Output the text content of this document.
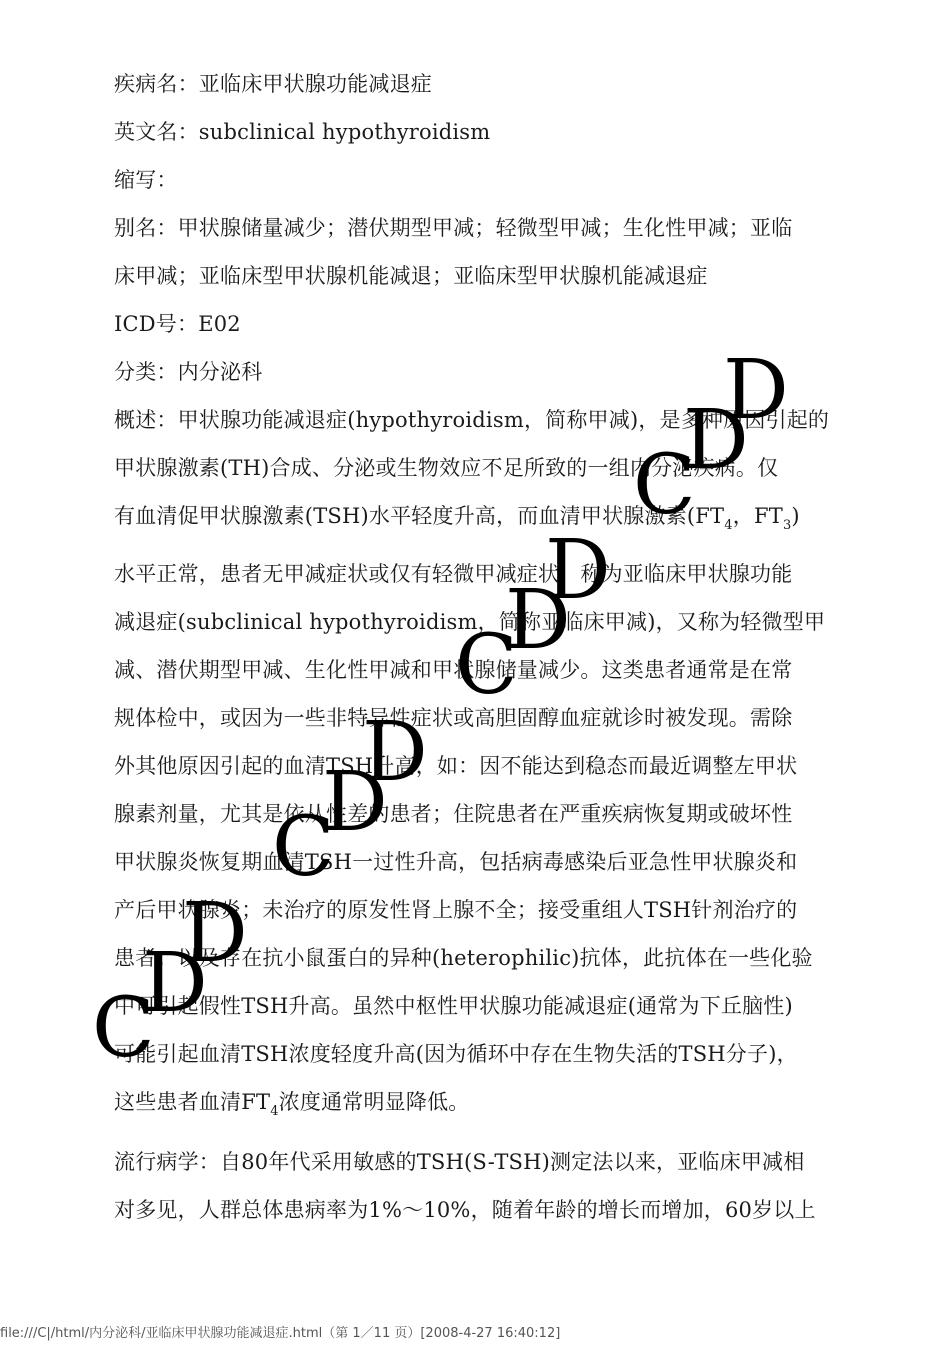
疾病名：亚临床甲状腺功能减退症
英文名：subclinical hypothyroidism
缩写：
别名：甲状腺储量减少；潜伏期型甲减；轻微型甲减；生化性甲减；亚临
床甲减；亚临床型甲状腺机能减退；亚临床型甲状腺机能减退症
ICD号：E02
分类：内分泌科
概述：甲状腺功能减退症(hypothyroidism，简称甲减)，是多种原因引起的
甲状腺激素(TH)合成、分泌或生物效应不足所致的一组内分泌疾病。仅
有血清促甲状腺激素(TSH)水平轻度升高，而血清甲状腺激素($FT_4$，$FT_3$)
水平正常，患者无甲减症状或仅有轻微甲减症状，称为亚临床甲状腺功能
减退症(subclinical hypothyroidism，简称亚临床甲减)，又称为轻微型甲
减、潜伏期型甲减、生化性甲减和甲状腺储量减少。这类患者通常是在常
规体检中，或因为一些非特异性症状或高胆固醇血症就诊时被发现。需除
外其他原因引起的血清TSH升高，如：因不能达到稳态而最近调整左甲状
腺素剂量，尤其是依从性差的患者；住院患者在严重疾病恢复期或破坏性
甲状腺炎恢复期血清TSH一过性升高，包括病毒感染后亚急性甲状腺炎和
产后甲状腺炎；未治疗的原发性肾上腺不全；接受重组人TSH针剂治疗的
患者；以及存在抗小鼠蛋白的异种(heterophilic)抗体，此抗体在一些化验
中可引起假性TSH升高。虽然中枢性甲状腺功能减退症(通常为下丘脑性)
可能引起血清TSH浓度轻度升高(因为循环中存在生物失活的TSH分子)，
这些患者血清$FT_4$浓度通常明显降低。
流行病学：自80年代采用敏感的TSH(S-TSH)测定法以来，亚临床甲减相
对多见，人群总体患病率为1%～10%，随着年龄的增长而增加，60岁以上
D
D
C
D
D
C
D
D
C
D
D
C
file:///C|/html/内分泌科/亚临床甲状腺功能减退症.html（第 1／11 页）[2008-4-27 16:40:12]
